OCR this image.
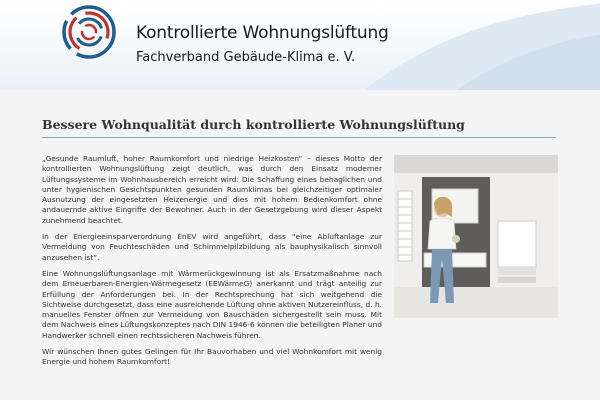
Kontrollierte Wohnungslüftung
Fachverband Gebäude-Klima e. V.
Bessere Wohnqualität durch kontrollierte Wohnungslüftung

„Gesunde Raumluft, hoher Raumkomfort und niedrige Heizkosten“ – dieses Motto der kontrollierten Wohnungslüftung zeigt deutlich, was durch den Einsatz moderner Lüftungssysteme im Wohnhausbereich erreicht wird: Die Schaffung eines behaglichen und unter hygienischen Gesichtspunkten gesunden Raumklimas bei gleichzeitiger optimaler Ausnutzung der eingesetzten Heizenergie und dies mit hohem Bedienkomfort ohne andauernde aktive Eingriffe der Bewohner. Auch in der Gesetzgebung wird dieser Aspekt zunehmend beachtet.

In der Energieeinsparverordnung EnEV wird angeführt, dass “eine Abluftanlage zur Vermeidung von Feuchteschäden und Schimmelpilzbildung als bauphysikalisch sinnvoll anzusehen ist”.

Eine Wohnungslüftungsanlage mit Wärmerückgewinnung ist als Ersatzmaßnahme nach dem Erneuerbaren-Energien-Wärmegesetz (EEWärmeG) anerkannt und trägt anteilig zur Erfüllung der Anforderungen bei. In der Rechtsprechung hat sich weitgehend die Sichtweise durchgesetzt, dass eine ausreichende Lüftung ohne aktiven Nutzereinfluss, d. h. manuelles Fenster öffnen zur Vermeidung von Bauschäden sichergestellt sein muss. Mit dem Nachweis eines Lüftungskonzeptes nach DIN 1946-6 können die beteiligten Planer und Handwerker schnell einen rechtssicheren Nachweis führen.

Wir wünschen Ihnen gutes Gelingen für Ihr Bauvorhaben und viel Wohnkomfort mit wenig Energie und hohem Raumkomfort!
